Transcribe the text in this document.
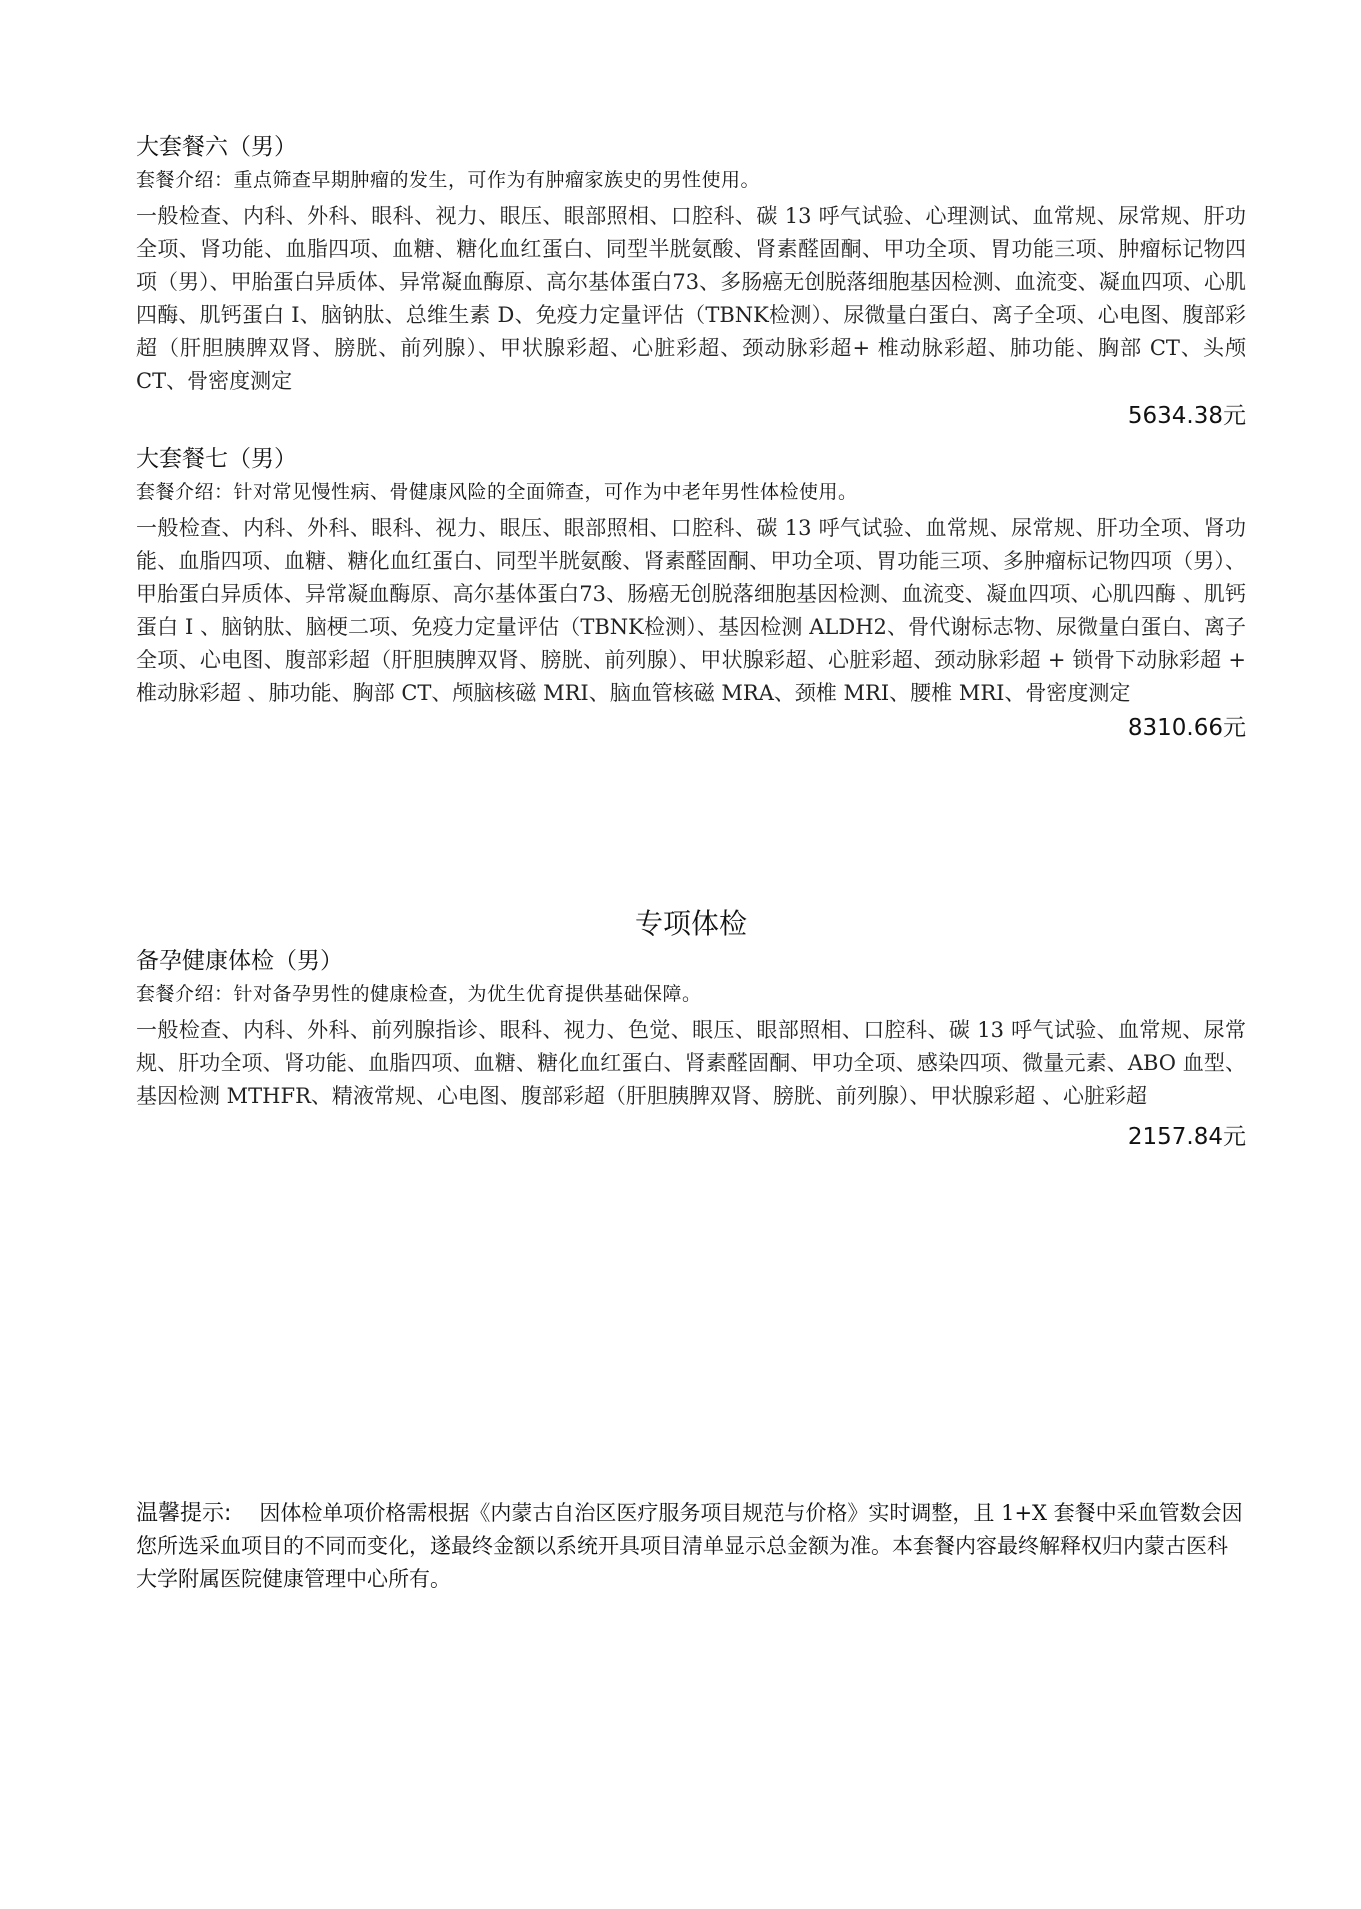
大套餐六（男）

套餐介绍：重点筛查早期肿瘤的发生，可作为有肿瘤家族史的男性使用。

一般检查、内科、外科、眼科、视力、眼压、眼部照相、口腔科、碳 13 呼气试验、心理测试、血常规、尿常规、肝功全项、肾功能、血脂四项、血糖、糖化血红蛋白、同型半胱氨酸、肾素醛固酮、甲功全项、胃功能三项、肿瘤标记物四项（男）、甲胎蛋白异质体、异常凝血酶原、高尔基体蛋白73、多肠癌无创脱落细胞基因检测、血流变、凝血四项、心肌四酶、肌钙蛋白 I、脑钠肽、总维生素 D、免疫力定量评估（TBNK检测）、尿微量白蛋白、离子全项、心电图、腹部彩超（肝胆胰脾双肾、膀胱、前列腺）、甲状腺彩超、心脏彩超、颈动脉彩超+ 椎动脉彩超、肺功能、胸部 CT、头颅 CT、骨密度测定

5634.38元

大套餐七（男）

套餐介绍：针对常见慢性病、骨健康风险的全面筛查，可作为中老年男性体检使用。

一般检查、内科、外科、眼科、视力、眼压、眼部照相、口腔科、碳 13 呼气试验、血常规、尿常规、肝功全项、肾功能、血脂四项、血糖、糖化血红蛋白、同型半胱氨酸、肾素醛固酮、甲功全项、胃功能三项、多肿瘤标记物四项（男）、甲胎蛋白异质体、异常凝血酶原、高尔基体蛋白73、肠癌无创脱落细胞基因检测、血流变、凝血四项、心肌四酶 、肌钙蛋白 I 、脑钠肽、脑梗二项、免疫力定量评估（TBNK检测）、基因检测 ALDH2、骨代谢标志物、尿微量白蛋白、离子全项、心电图、腹部彩超（肝胆胰脾双肾、膀胱、前列腺）、甲状腺彩超、心脏彩超、颈动脉彩超 + 锁骨下动脉彩超 + 椎动脉彩超 、肺功能、胸部 CT、颅脑核磁 MRI、脑血管核磁 MRA、颈椎 MRI、腰椎 MRI、骨密度测定

8310.66元

专项体检
备孕健康体检（男）

套餐介绍：针对备孕男性的健康检查，为优生优育提供基础保障。

一般检查、内科、外科、前列腺指诊、眼科、视力、色觉、眼压、眼部照相、口腔科、碳 13 呼气试验、血常规、尿常规、肝功全项、肾功能、血脂四项、血糖、糖化血红蛋白、肾素醛固酮、甲功全项、感染四项、微量元素、ABO 血型、基因检测 MTHFR、精液常规、心电图、腹部彩超（肝胆胰脾双肾、膀胱、前列腺）、甲状腺彩超 、心脏彩超

2157.84元

温馨提示: 因体检单项价格需根据《内蒙古自治区医疗服务项目规范与价格》实时调整，且 1+X 套餐中采血管数会因您所选采血项目的不同而变化，遂最终金额以系统开具项目清单显示总金额为准。本套餐内容最终解释权归内蒙古医科大学附属医院健康管理中心所有。
